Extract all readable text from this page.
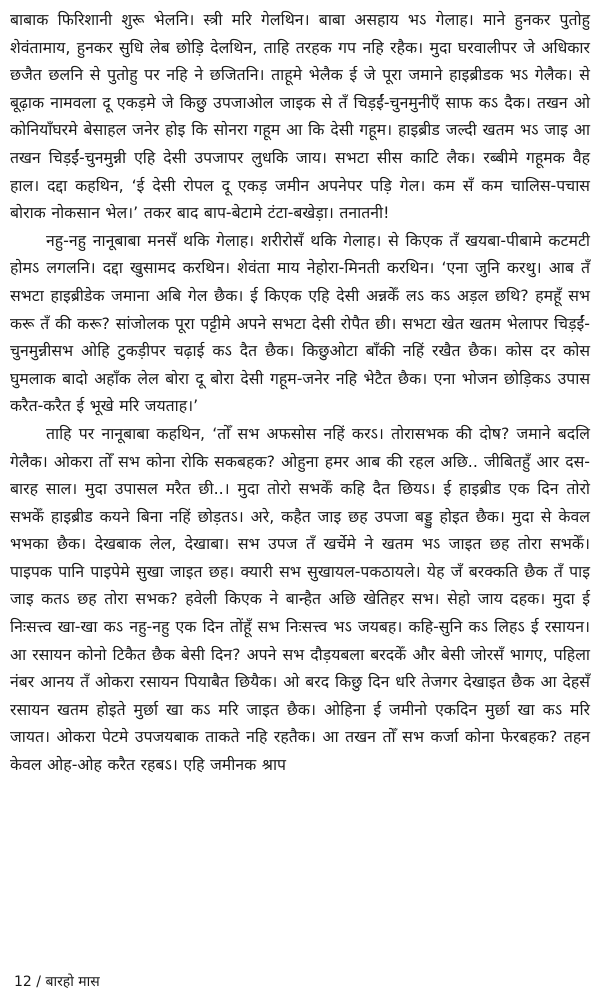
बाबाक फिरिशानी शुरू भेलनि। स्त्री मरि गेलथिन। बाबा असहाय भऽ गेलाह। माने हुनकर पुतोहु शेवंतामाय, हुनकर सुधि लेब छोड़ि देलथिन, ताहि तरहक गप नहि रहैक। मुदा घरवालीपर जे अधिकार छजैत छलनि से पुतोहु पर नहि ने छजितनि। ताहूमे भेलैक ई जे पूरा जमाने हाइब्रीडक भऽ गेलैक। से बूढ़ाक नामवला दू एकड़मे जे किछु उपजाओल जाइक से तँ चिड़ईं-चुनमुनीएँ साफ कऽ दैक। तखन ओ कोनियाँघरमे बेसाहल जनेर होइ कि सोनरा गहूम आ कि देसी गहूम। हाइब्रीड जल्दी खतम भऽ जाइ आ तखन चिड़ईं-चुनमुन्नी एहि देसी उपजापर लुधकि जाय। सभटा सीस काटि लैक। रब्बीमे गहूमक वैह हाल। दद्दा कहथिन, ‘ई देसी रोपल दू एकड़ जमीन अपनेपर पड़ि गेल। कम सँ कम चालिस-पचास बोराक नोकसान भेल।’ तकर बाद बाप-बेटामे टंटा-बखेड़ा। तनातनी!

नहु-नहु नानूबाबा मनसँ थकि गेलाह। शरीरोसँ थकि गेलाह। से किएक तँ खयबा-पीबामे कटमटी होमऽ लगलनि। दद्दा खुसामद करथिन। शेवंता माय नेहोरा-मिनती करथिन। ‘एना जुनि करथु। आब तँ सभटा हाइब्रीडेक जमाना अबि गेल छैक। ई किएक एहि देसी अन्नकेँ लऽ कऽ अड़ल छथि? हमहूँ सभ करू तँ की करू? सांजोलक पूरा पट्टीमे अपने सभटा देसी रोपैत छी। सभटा खेत खतम भेलापर चिड़ईं-चुनमुन्नीसभ ओहि टुकड़ीपर चढ़ाई कऽ दैत छैक। किछुओटा बाँकी नहिं रखैत छैक। कोस दर कोस घुमलाक बादो अहाँक लेल बोरा दू बोरा देसी गहूम-जनेर नहि भेटैत छैक। एना भोजन छोड़िकऽ उपास करैत-करैत ई भूखे मरि जयताह।’

ताहि पर नानूबाबा कहथिन, ‘तोँ सभ अफसोस नहिं करऽ। तोरासभक की दोष? जमाने बदलि गेलैक। ओकरा तोँ सभ कोना रोकि सकबहक? ओहुना हमर आब की रहल अछि.. जीबितहुँ आर दस-बारह साल। मुदा उपासल मरैत छी..। मुदा तोरो सभकेँ कहि दैत छियऽ। ई हाइब्रीड एक दिन तोरो सभकेँ हाइब्रीड कयने बिना नहिं छोड़तऽ। अरे, कहैत जाइ छह उपजा बड्डु होइत छैक। मुदा से केवल भभका छैक। देखबाक लेल, देखाबा। सभ उपज तँ खर्चेमे ने खतम भऽ जाइत छह तोरा सभकेँ। पाइपक पानि पाइपेमे सुखा जाइत छह। क्यारी सभ सुखायल-पकठायले। येह जँ बरक्कति छैक तँ पाइ जाइ कतऽ छह तोरा सभक? हवेली किएक ने बान्हैत अछि खेतिहर सभ। सेहो जाय दहक। मुदा ई निःसत्त्व खा-खा कऽ नहु-नहु एक दिन तोंहूँ सभ निःसत्त्व भऽ जयबह। कहि-सुनि कऽ लिहऽ ई रसायन। आ रसायन कोनो टिकैत छैक बेसी दिन? अपने सभ दौड़यबला बरदकेँ और बेसी जोरसँ भागए, पहिला नंबर आनय तँ ओकरा रसायन पियाबैत छियैक। ओ बरद किछु दिन धरि तेजगर देखाइत छैक आ देहसँ रसायन खतम होइते मुर्छा खा कऽ मरि जाइत छैक। ओहिना ई जमीनो एकदिन मुर्छा खा कऽ मरि जायत। ओकरा पेटमे उपजयबाक ताकते नहि रहतैक। आ तखन तोँ सभ कर्जा कोना फेरबहक? तहन केवल ओह-ओह करैत रहबऽ। एहि जमीनक श्राप

12 / बारहो मास
